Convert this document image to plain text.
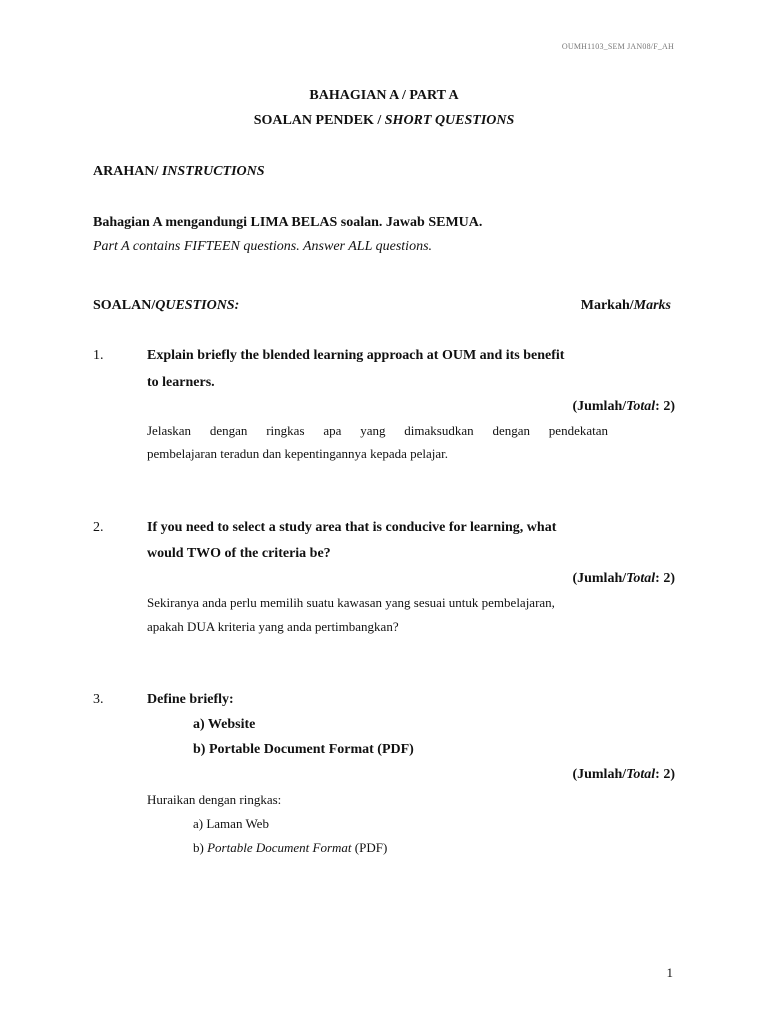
OUMH1103_SEM JAN08/F_AH
BAHAGIAN A / PART A
SOALAN PENDEK / SHORT QUESTIONS
ARAHAN/ INSTRUCTIONS
Bahagian A mengandungi LIMA BELAS soalan. Jawab SEMUA.
Part A contains FIFTEEN questions. Answer ALL questions.
SOALAN/QUESTIONS:	Markah/Marks
1.	Explain briefly the blended learning approach at OUM and its benefit
to learners.
(Jumlah/Total: 2)
Jelaskan dengan ringkas apa yang dimaksudkan dengan pendekatan
pembelajaran teradun dan kepentingannya kepada pelajar.
2.	If you need to select a study area that is conducive for learning, what
would TWO of the criteria be?
(Jumlah/Total: 2)
Sekiranya anda perlu memilih suatu kawasan yang sesuai untuk pembelajaran,
apakah DUA kriteria yang anda pertimbangkan?
3.	Define briefly:
a) Website
b) Portable Document Format (PDF)
(Jumlah/Total: 2)
Huraikan dengan ringkas:
a) Laman Web
b) Portable Document Format (PDF)
1
